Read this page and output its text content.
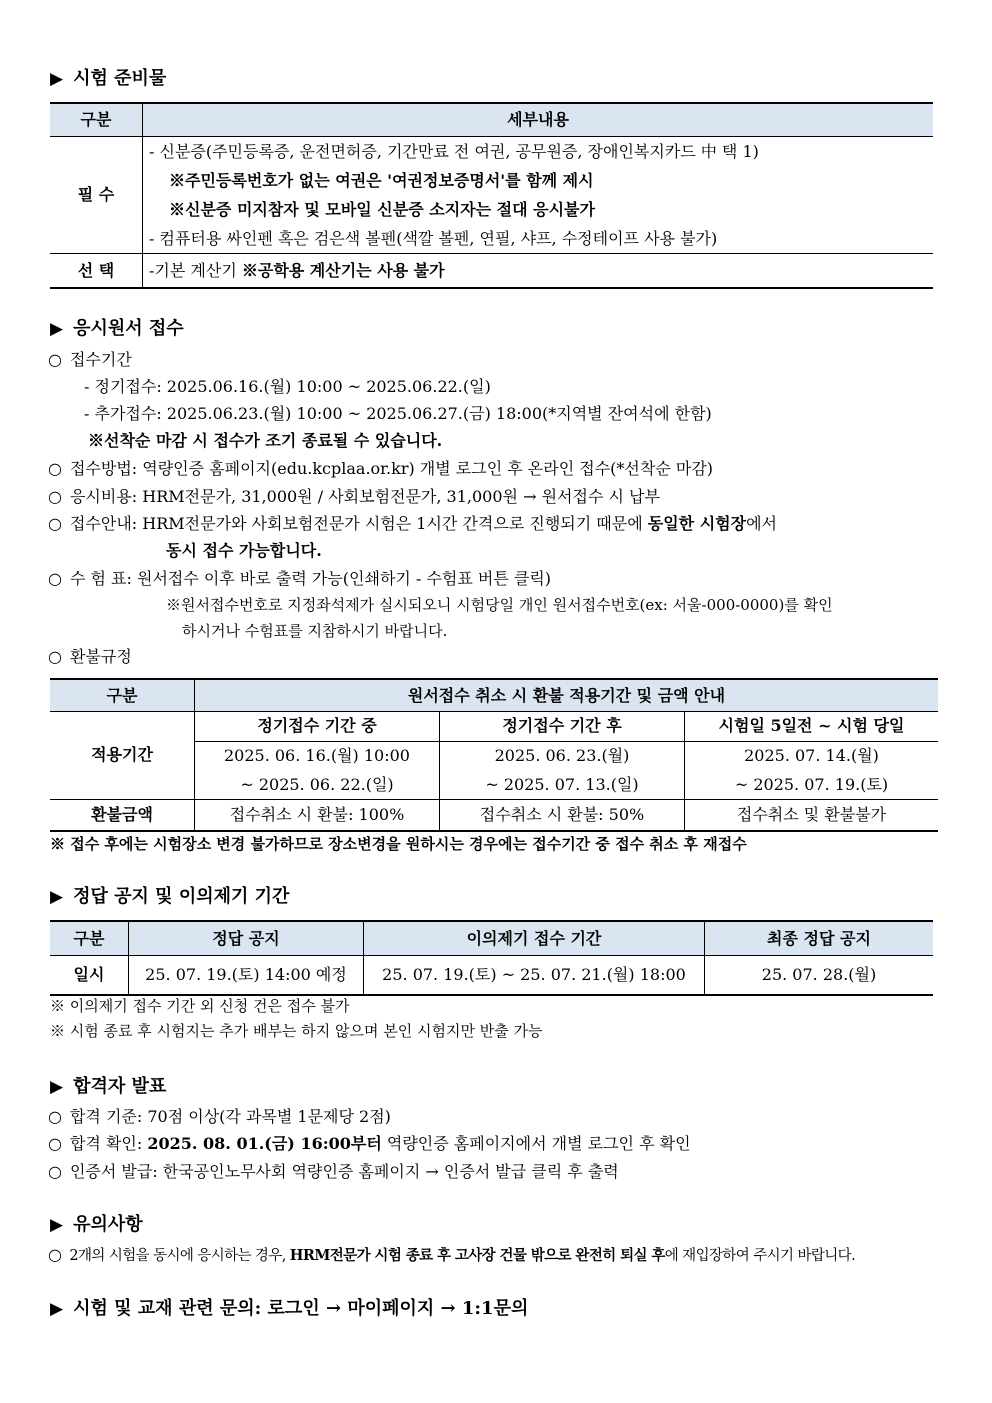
▶ 시험 준비물
구분	세부내용
필 수	- 신분증(주민등록증, 운전면허증, 기간만료 전 여권, 공무원증, 장애인복지카드 中 택 1)
※주민등록번호가 없는 여권은 '여권정보증명서'를 함께 제시
※신분증 미지참자 및 모바일 신분증 소지자는 절대 응시불가
- 컴퓨터용 싸인펜 혹은 검은색 볼펜(색깔 볼펜, 연필, 샤프, 수정테이프 사용 불가)

선 택	-기본 계산기 ※공학용 계산기는 사용 불가
▶ 응시원서 접수
○ 접수기간
- 정기접수: 2025.06.16.(월) 10:00 ~ 2025.06.22.(일)
- 추가접수: 2025.06.23.(월) 10:00 ~ 2025.06.27.(금) 18:00(*지역별 잔여석에 한함)
※선착순 마감 시 접수가 조기 종료될 수 있습니다.
○ 접수방법: 역량인증 홈페이지(edu.kcplaa.or.kr) 개별 로그인 후 온라인 접수(*선착순 마감)
○ 응시비용: HRM전문가, 31,000원 / 사회보험전문가, 31,000원 → 원서접수 시 납부
○ 접수안내: HRM전문가와 사회보험전문가 시험은 1시간 간격으로 진행되기 때문에 동일한 시험장에서
동시 접수 가능합니다.
○ 수 험 표: 원서접수 이후 바로 출력 가능(인쇄하기 - 수험표 버튼 클릭)
※원서접수번호로 지정좌석제가 실시되오니 시험당일 개인 원서접수번호(ex: 서울-000-0000)를 확인
하시거나 수험표를 지참하시기 바랍니다.
○ 환불규정
구분	원서접수 취소 시 환불 적용기간 및 금액 안내		
적용기간	정기접수 기간 중	정기접수 기간 후	시험일 5일전 ~ 시험 당일
	2025. 06. 16.(월) 10:00	2025. 06. 23.(월)	2025. 07. 14.(월)
	~ 2025. 06. 22.(일)	~ 2025. 07. 13.(일)	~ 2025. 07. 19.(토)
환불금액	접수취소 시 환불: 100%	접수취소 시 환불: 50%	접수취소 및 환불불가
※ 접수 후에는 시험장소 변경 불가하므로 장소변경을 원하시는 경우에는 접수기간 중 접수 취소 후 재접수
▶ 정답 공지 및 이의제기 기간
구분	정답 공지	이의제기 접수 기간	최종 정답 공지
일시	25. 07. 19.(토) 14:00 예정	25. 07. 19.(토) ~ 25. 07. 21.(월) 18:00	25. 07. 28.(월)
※ 이의제기 접수 기간 외 신청 건은 접수 불가
※ 시험 종료 후 시험지는 추가 배부는 하지 않으며 본인 시험지만 반출 가능
▶ 합격자 발표
○ 합격 기준: 70점 이상(각 과목별 1문제당 2점)
○ 합격 확인: 2025. 08. 01.(금) 16:00부터 역량인증 홈페이지에서 개별 로그인 후 확인
○ 인증서 발급: 한국공인노무사회 역량인증 홈페이지 → 인증서 발급 클릭 후 출력
▶ 유의사항
○ 2개의 시험을 동시에 응시하는 경우, HRM전문가 시험 종료 후 고사장 건물 밖으로 완전히 퇴실 후에 재입장하여 주시기 바랍니다.
▶ 시험 및 교재 관련 문의: 로그인 → 마이페이지 → 1:1문의
